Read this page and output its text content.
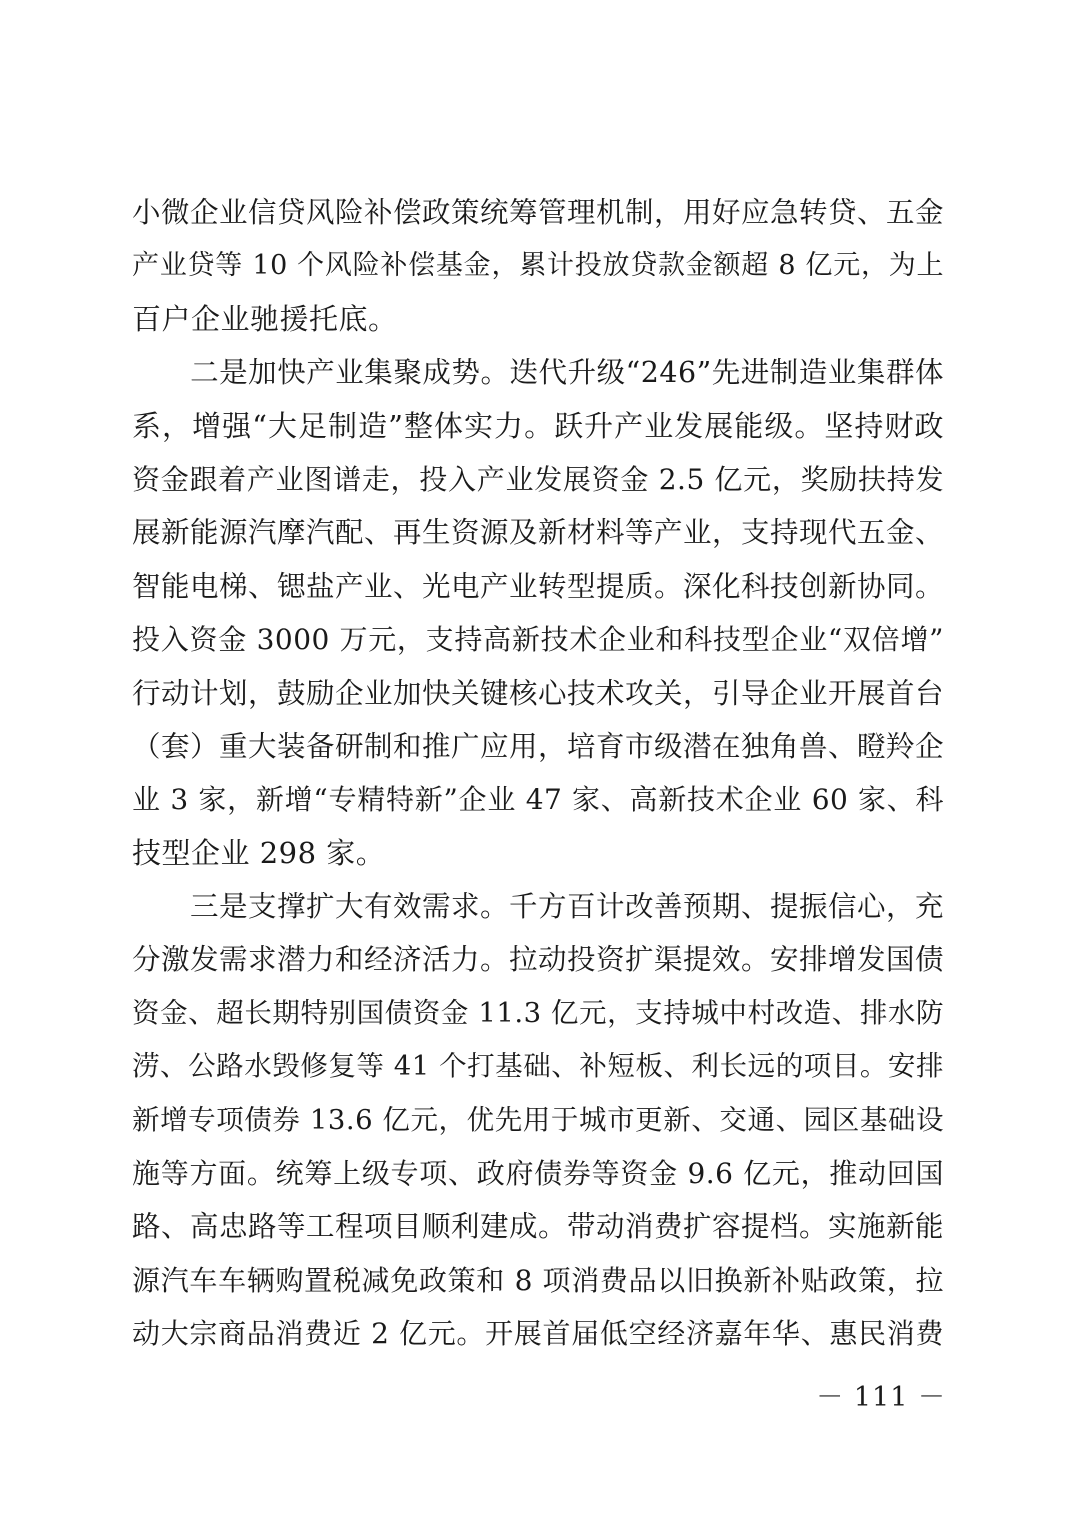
小微企业信贷风险补偿政策统筹管理机制，用好应急转贷、五金
产业贷等 10 个风险补偿基金，累计投放贷款金额超 8 亿元，为上
百户企业驰援托底。
　　二是加快产业集聚成势。迭代升级“246”先进制造业集群体
系，增强“大足制造”整体实力。跃升产业发展能级。坚持财政
资金跟着产业图谱走，投入产业发展资金 2.5 亿元，奖励扶持发
展新能源汽摩汽配、再生资源及新材料等产业，支持现代五金、
智能电梯、锶盐产业、光电产业转型提质。深化科技创新协同。
投入资金 3000 万元，支持高新技术企业和科技型企业“双倍增”
行动计划，鼓励企业加快关键核心技术攻关，引导企业开展首台
（套）重大装备研制和推广应用，培育市级潜在独角兽、瞪羚企
业 3 家，新增“专精特新”企业 47 家、高新技术企业 60 家、科
技型企业 298 家。
　　三是支撑扩大有效需求。千方百计改善预期、提振信心，充
分激发需求潜力和经济活力。拉动投资扩渠提效。安排增发国债
资金、超长期特别国债资金 11.3 亿元，支持城中村改造、排水防
涝、公路水毁修复等 41 个打基础、补短板、利长远的项目。安排
新增专项债券 13.6 亿元，优先用于城市更新、交通、园区基础设
施等方面。统筹上级专项、政府债券等资金 9.6 亿元，推动回国
路、高忠路等工程项目顺利建成。带动消费扩容提档。实施新能
源汽车车辆购置税减免政策和 8 项消费品以旧换新补贴政策，拉
动大宗商品消费近 2 亿元。开展首届低空经济嘉年华、惠民消费
－ 111 －
